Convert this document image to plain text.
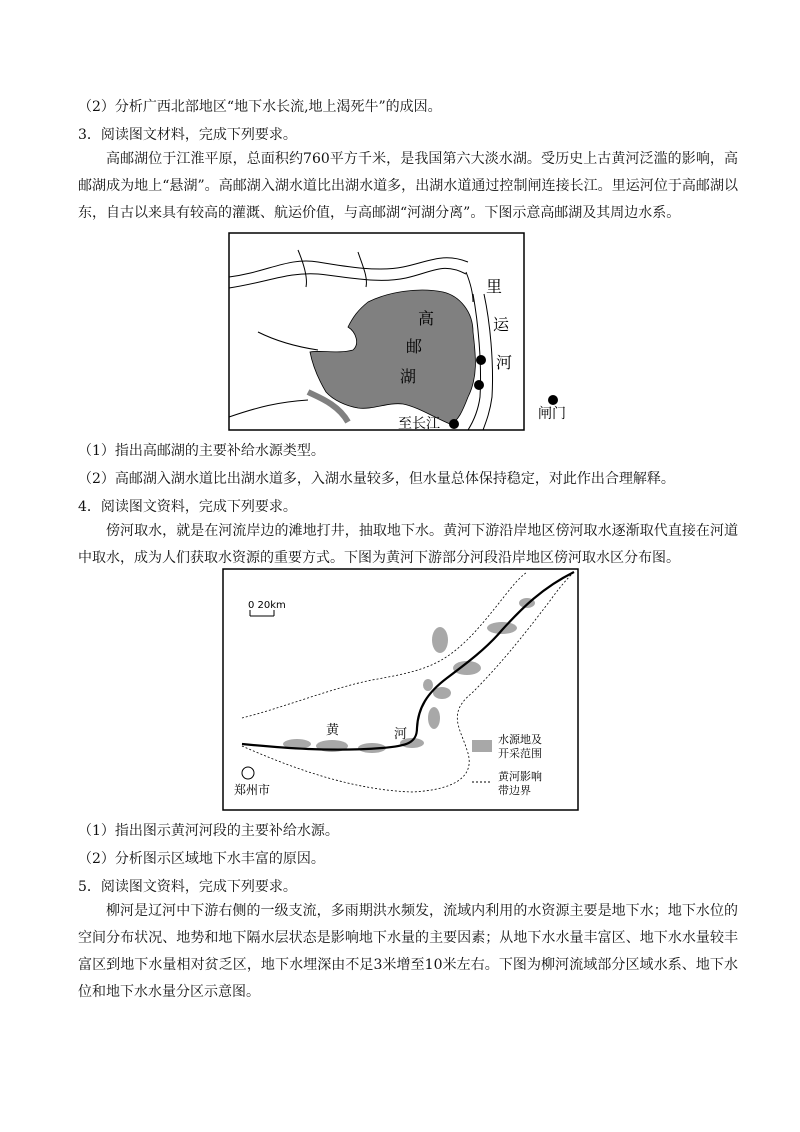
（2）分析广西北部地区“地下水长流,地上渴死牛”的成因。
3．阅读图文材料，完成下列要求。
高邮湖位于江淮平原，总面积约760平方千米，是我国第六大淡水湖。受历史上古黄河泛滥的影响，高邮湖成为地上“悬湖”。高邮湖入湖水道比出湖水道多，出湖水道通过控制闸连接长江。里运河位于高邮湖以东，自古以来具有较高的灌溉、航运价值，与高邮湖“河湖分离”。下图示意高邮湖及其周边水系。
高
邮
湖
里
运
河
至长江
闸门
（1）指出高邮湖的主要补给水源类型。
（2）高邮湖入湖水道比出湖水道多，入湖水量较多，但水量总体保持稳定，对此作出合理解释。
4．阅读图文资料，完成下列要求。
傍河取水，就是在河流岸边的滩地打井，抽取地下水。黄河下游沿岸地区傍河取水逐渐取代直接在河道中取水，成为人们获取水资源的重要方式。下图为黄河下游部分河段沿岸地区傍河取水区分布图。
0 20km
黄	河
郑州市
水源地及
开采范围
黄河影响
带边界
（1）指出图示黄河河段的主要补给水源。
（2）分析图示区域地下水丰富的原因。
5．阅读图文资料，完成下列要求。
柳河是辽河中下游右侧的一级支流，多雨期洪水频发，流域内利用的水资源主要是地下水；地下水位的空间分布状况、地势和地下隔水层状态是影响地下水量的主要因素；从地下水水量丰富区、地下水水量较丰富区到地下水量相对贫乏区，地下水埋深由不足3米增至10米左右。下图为柳河流域部分区域水系、地下水位和地下水水量分区示意图。
